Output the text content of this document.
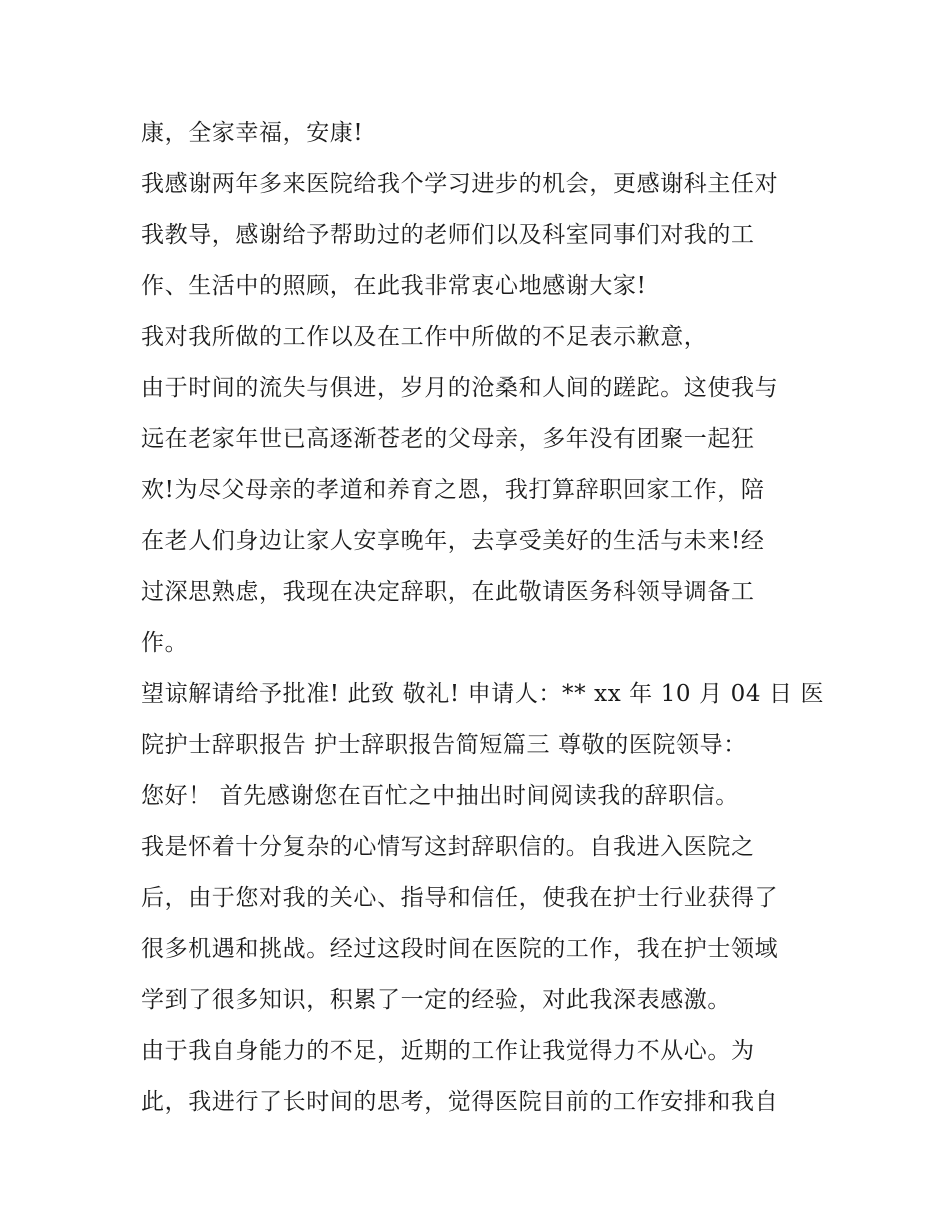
康，全家幸福，安康!
我感谢两年多来医院给我个学习进步的机会，更感谢科主任对
我教导，感谢给予帮助过的老师们以及科室同事们对我的工
作、生活中的照顾，在此我非常衷心地感谢大家!
我对我所做的工作以及在工作中所做的不足表示歉意，
由于时间的流失与俱进，岁月的沧桑和人间的蹉跎。这使我与
远在老家年世已高逐渐苍老的父母亲，多年没有团聚一起狂
欢!为尽父母亲的孝道和养育之恩，我打算辞职回家工作，陪
在老人们身边让家人安享晚年，去享受美好的生活与未来!经
过深思熟虑，我现在决定辞职，在此敬请医务科领导调备工
作。
望谅解请给予批准! 此致 敬礼! 申请人：** xx 年 10 月 04 日 医
院护士辞职报告 护士辞职报告简短篇三 尊敬的医院领导：
您好！ 首先感谢您在百忙之中抽出时间阅读我的辞职信。
我是怀着十分复杂的心情写这封辞职信的。自我进入医院之
后，由于您对我的关心、指导和信任，使我在护士行业获得了
很多机遇和挑战。经过这段时间在医院的工作，我在护士领域
学到了很多知识，积累了一定的经验，对此我深表感激。
由于我自身能力的不足，近期的工作让我觉得力不从心。为
此，我进行了长时间的思考，觉得医院目前的工作安排和我自
